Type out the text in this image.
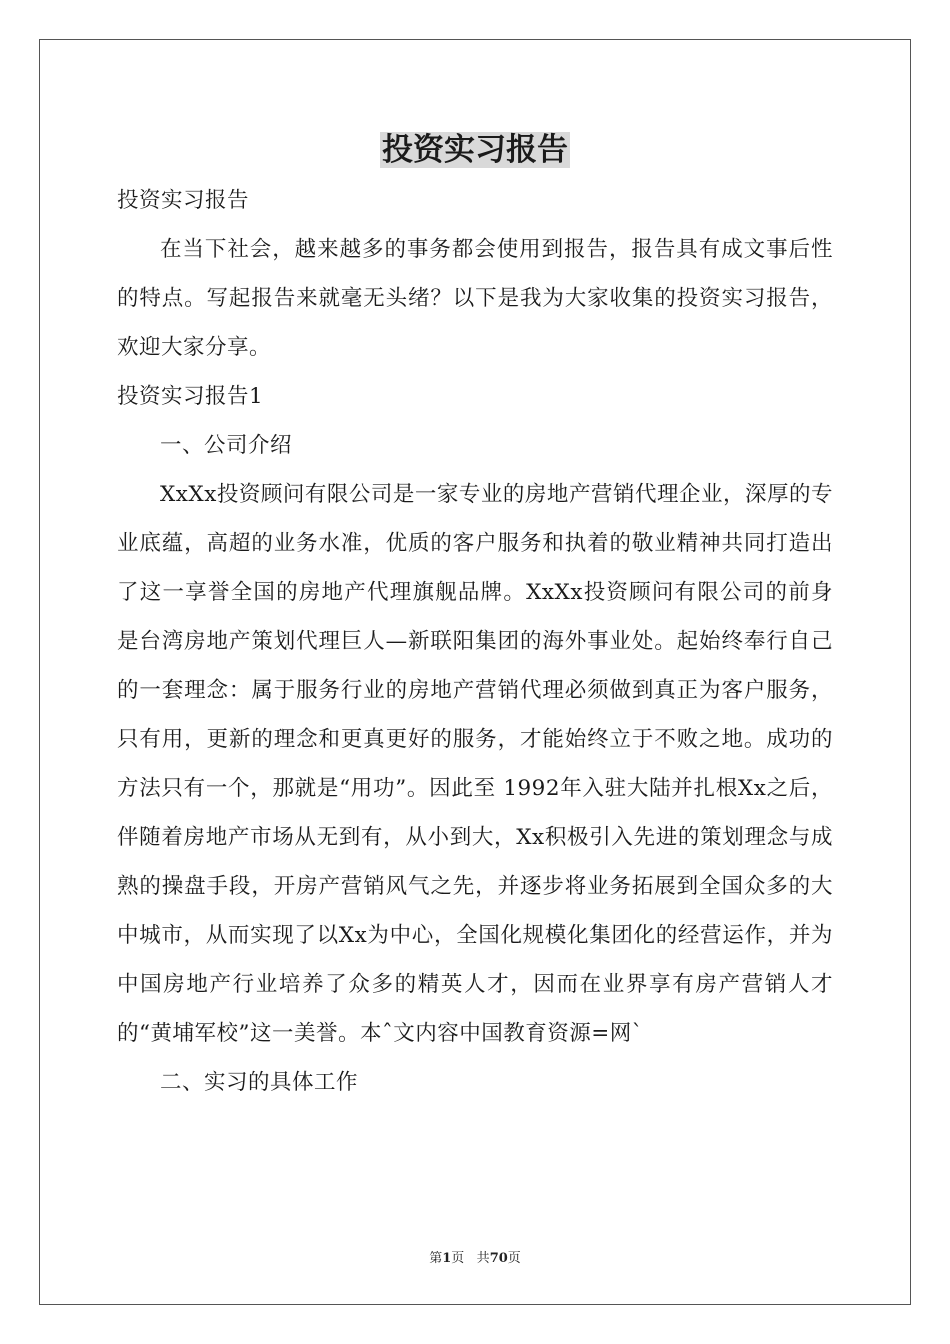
投资实习报告

投资实习报告

在当下社会，越来越多的事务都会使用到报告，报告具有成文事后性的特点。写起报告来就毫无头绪？以下是我为大家收集的投资实习报告，欢迎大家分享。

投资实习报告1

一、公司介绍

XxXx投资顾问有限公司是一家专业的房地产营销代理企业，深厚的专业底蕴，高超的业务水准，优质的客户服务和执着的敬业精神共同打造出了这一享誉全国的房地产代理旗舰品牌。XxXx投资顾问有限公司的前身是台湾房地产策划代理巨人—新联阳集团的海外事业处。起始终奉行自己的一套理念：属于服务行业的房地产营销代理必须做到真正为客户服务，只有用，更新的理念和更真更好的服务，才能始终立于不败之地。成功的方法只有一个，那就是“用功”。因此至 1992年入驻大陆并扎根Xx之后，伴随着房地产市场从无到有，从小到大，Xx积极引入先进的策划理念与成熟的操盘手段，开房产营销风气之先，并逐步将业务拓展到全国众多的大中城市，从而实现了以Xx为中心，全国化规模化集团化的经营运作，并为中国房地产行业培养了众多的精英人才，因而在业界享有房产营销人才的“黄埔军校”这一美誉。本ˆ文内容中国教育资源=网ˋ

二、实习的具体工作

第1页 共70页
